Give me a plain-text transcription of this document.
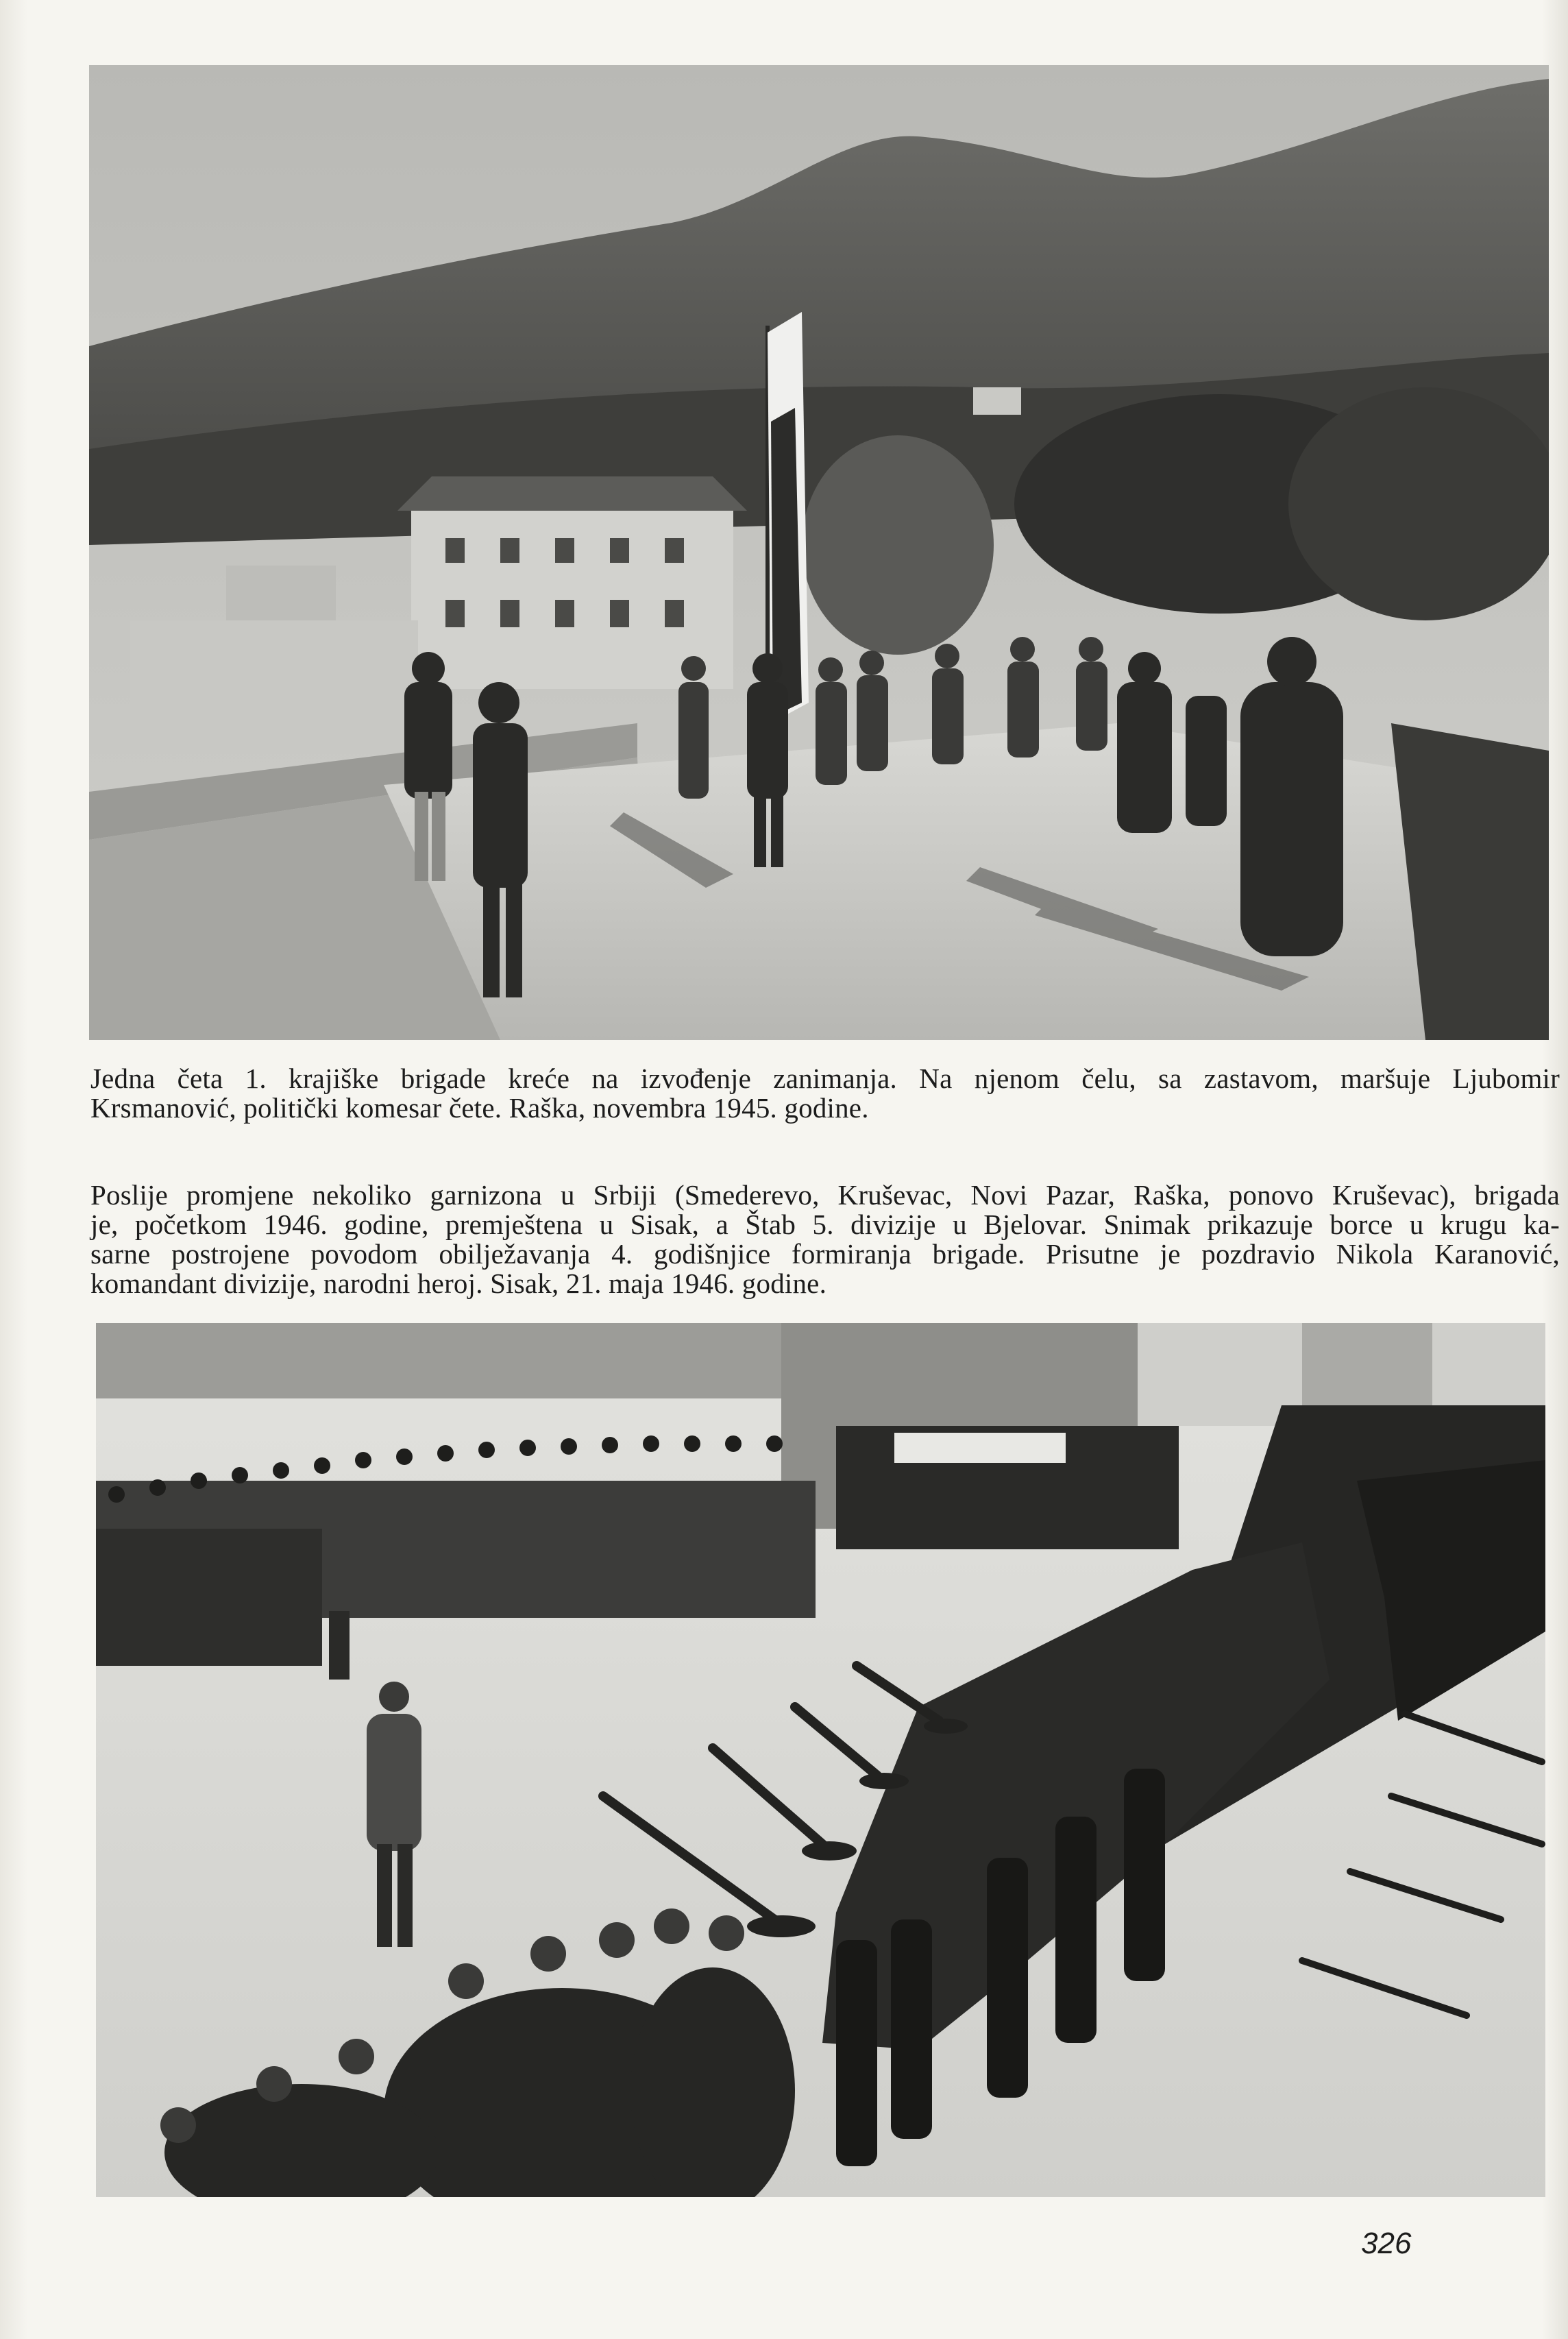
Jedna četa 1. krajiške brigade kreće na izvođenje zanimanja. Na njenom čelu, sa zastavom, maršuje Ljubomir
Krsmanović, politički komesar čete. Raška, novembra 1945. godine.
Poslije promjene nekoliko garnizona u Srbiji (Smederevo, Kruševac, Novi Pazar, Raška, ponovo Kruševac), brigada
je, početkom 1946. godine, premještena u Sisak, a Štab 5. divizije u Bjelovar. Snimak prikazuje borce u krugu ka-
sarne postrojene povodom obilježavanja 4. godišnjice formiranja brigade. Prisutne je pozdravio Nikola Karanović,
komandant divizije, narodni heroj. Sisak, 21. maja 1946. godine.
326
